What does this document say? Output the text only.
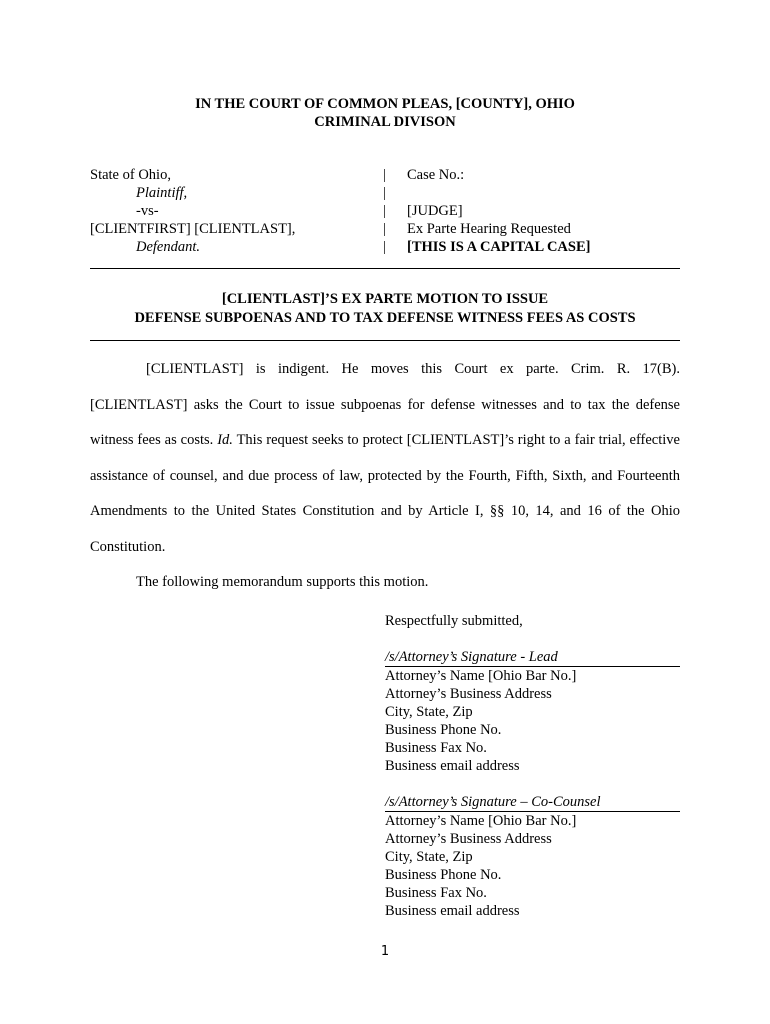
IN THE COURT OF COMMON PLEAS, [COUNTY], OHIO
CRIMINAL DIVISON
State of Ohio,
Plaintiff,
-vs-
[CLIENTFIRST] [CLIENTLAST],
Defendant.
|
|
|
|
|
Case No.:
[JUDGE]
Ex Parte Hearing Requested
[THIS IS A CAPITAL CASE]
[CLIENTLAST]’S EX PARTE MOTION TO ISSUE
DEFENSE SUBPOENAS AND TO TAX DEFENSE WITNESS FEES AS COSTS

[CLIENTLAST] is indigent. He moves this Court ex parte. Crim. R. 17(B). [CLIENTLAST] asks the Court to issue subpoenas for defense witnesses and to tax the defense witness fees as costs. Id. This request seeks to protect [CLIENTLAST]’s right to a fair trial, effective assistance of counsel, and due process of law, protected by the Fourth, Fifth, Sixth, and Fourteenth Amendments to the United States Constitution and by Article I, §§ 10, 14, and 16 of the Ohio Constitution.

The following memorandum supports this motion.

Respectfully submitted,
/s/Attorney’s Signature - Lead
Attorney’s Name [Ohio Bar No.]
Attorney’s Business Address
City, State, Zip
Business Phone No.
Business Fax No.
Business email address
/s/Attorney’s Signature – Co-Counsel
Attorney’s Name [Ohio Bar No.]
Attorney’s Business Address
City, State, Zip
Business Phone No.
Business Fax No.
Business email address
1
